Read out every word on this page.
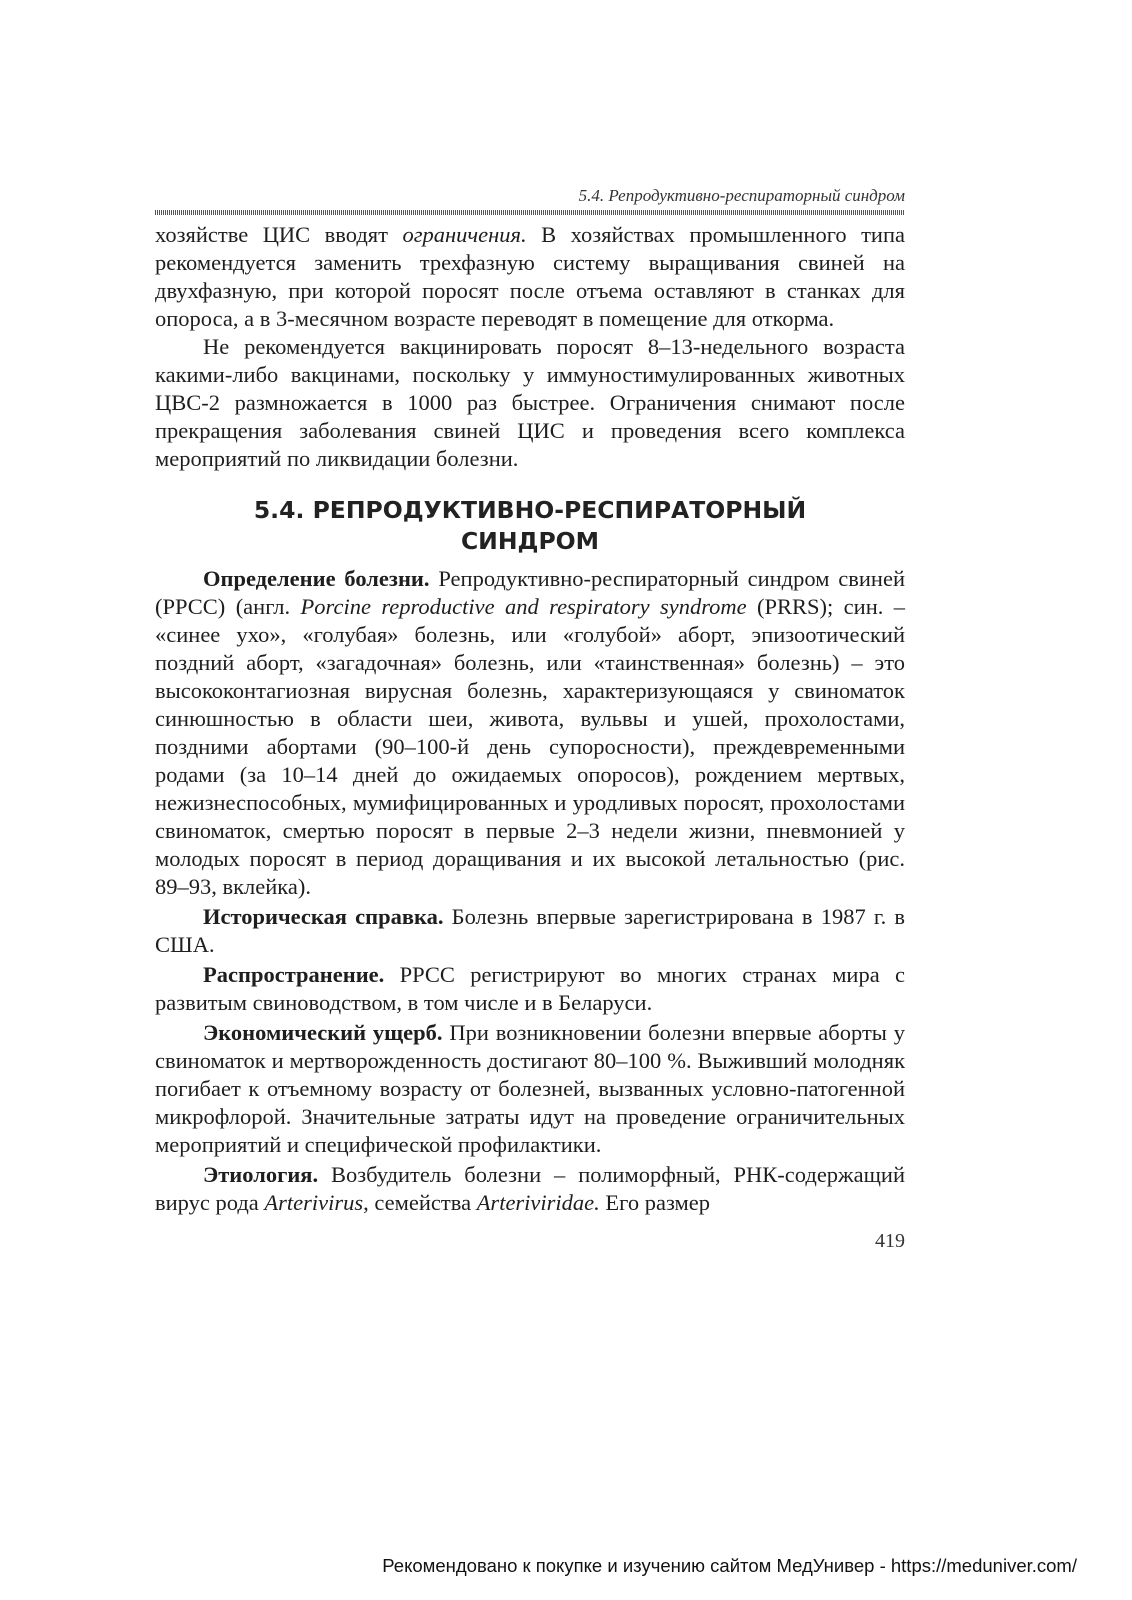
5.4. Репродуктивно-респираторный синдром

хозяйстве ЦИС вводят ограничения. В хозяйствах промышленного типа рекомендуется заменить трехфазную систему выращивания свиней на двухфазную, при которой поросят после отъема оставляют в станках для опороса, а в 3-месячном возрасте переводят в помещение для откорма.

Не рекомендуется вакцинировать поросят 8–13-недельного возраста какими-либо вакцинами, поскольку у иммуностимулированных животных ЦВС-2 размножается в 1000 раз быстрее. Ограничения снимают после прекращения заболевания свиней ЦИС и проведения всего комплекса мероприятий по ликвидации болезни.

5.4. РЕПРОДУКТИВНО-РЕСПИРАТОРНЫЙ
СИНДРОМ

Определение болезни. Репродуктивно-респираторный синдром свиней (РРСС) (англ. Porcine reproductive and respiratory syndrome (PRRS); син. – «синее ухо», «голубая» болезнь, или «голубой» аборт, эпизоотический поздний аборт, «загадочная» болезнь, или «таинственная» болезнь) – это высококонтагиозная вирусная болезнь, характеризующаяся у свиноматок синюшностью в области шеи, живота, вульвы и ушей, прохолостами, поздними абортами (90–100-й день супоросности), преждевременными родами (за 10–14 дней до ожидаемых опоросов), рождением мертвых, нежизнеспособных, мумифицированных и уродливых поросят, прохолостами свиноматок, смертью поросят в первые 2–3 недели жизни, пневмонией у молодых поросят в период доращивания и их высокой летальностью (рис. 89–93, вклейка).

Историческая справка. Болезнь впервые зарегистрирована в 1987 г. в США.

Распространение. РРСС регистрируют во многих странах мира с развитым свиноводством, в том числе и в Беларуси.

Экономический ущерб. При возникновении болезни впервые аборты у свиноматок и мертворожденность достигают 80–100 %. Выживший молодняк погибает к отъемному возрасту от болезней, вызванных условно-патогенной микрофлорой. Значительные затраты идут на проведение ограничительных мероприятий и специфической профилактики.

Этиология. Возбудитель болезни – полиморфный, РНК-содержащий вирус рода Arterivirus, семейства Arteriviridae. Его размер

419
Рекомендовано к покупке и изучению сайтом МедУнивер - https://meduniver.com/
